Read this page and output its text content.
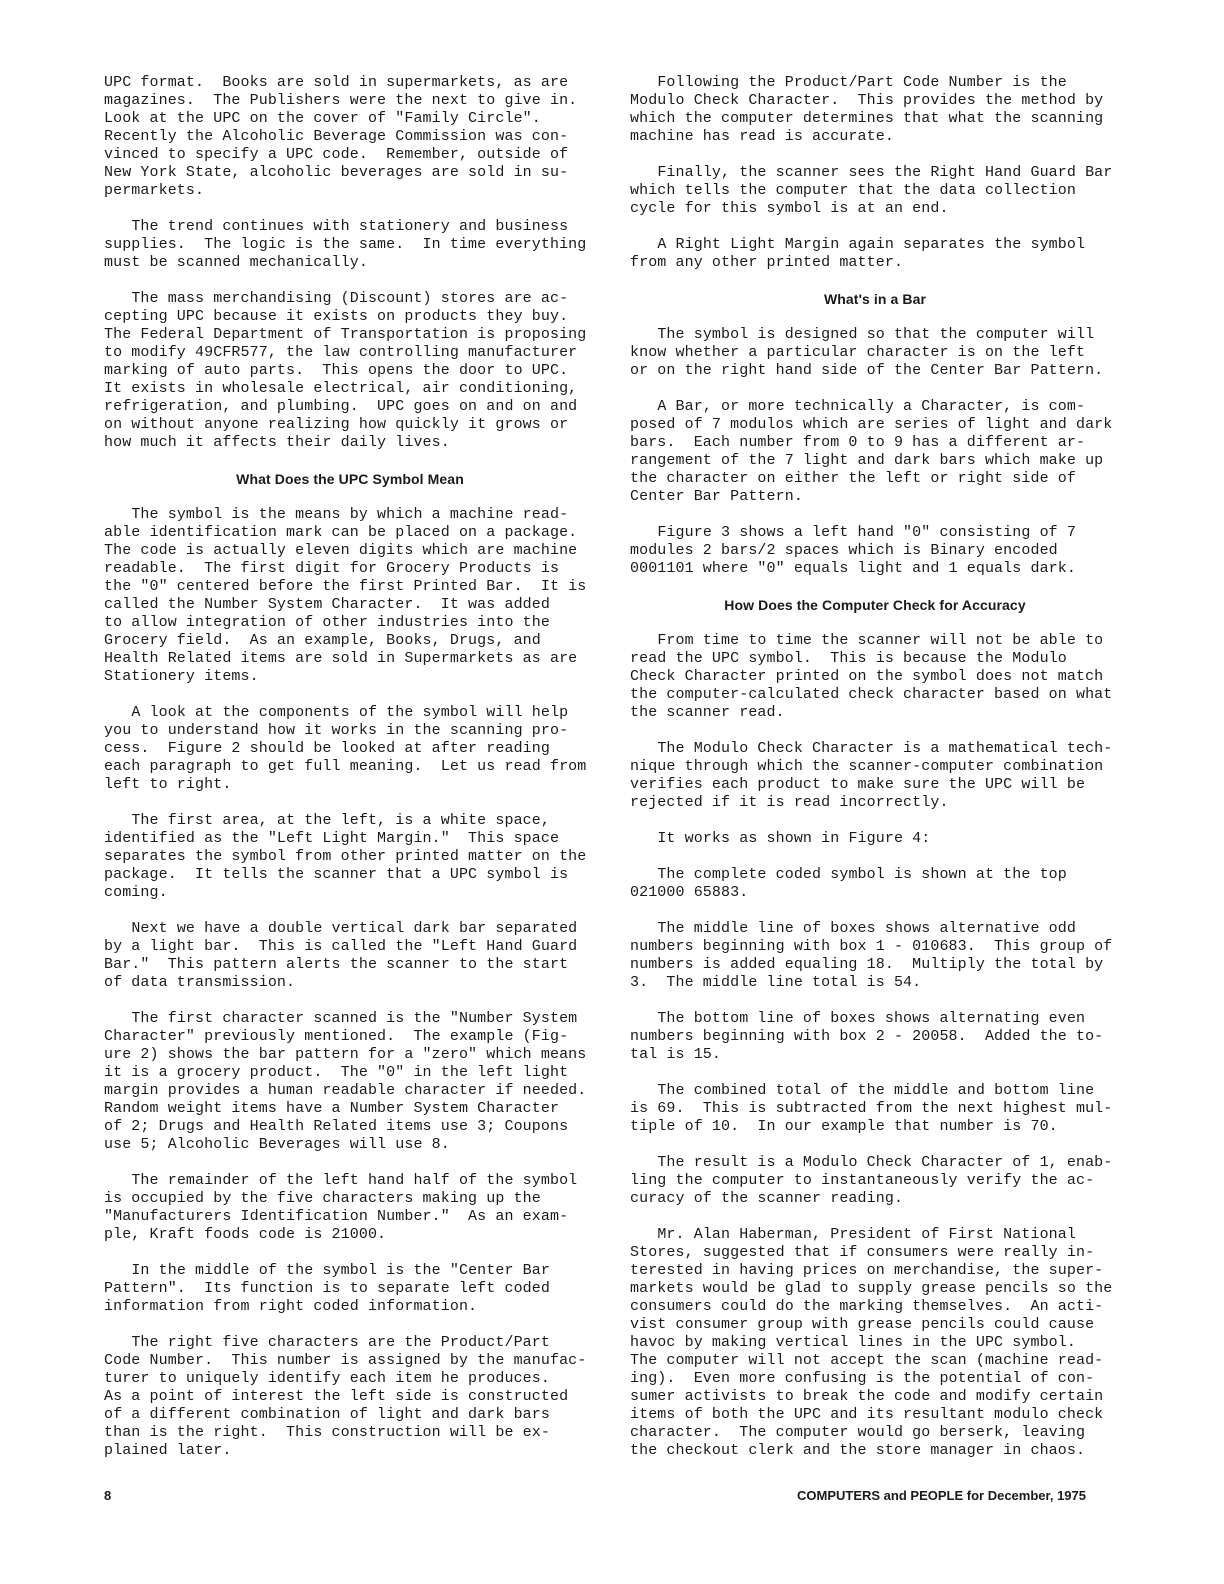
UPC format.  Books are sold in supermarkets, as are
magazines.  The Publishers were the next to give in.
Look at the UPC on the cover of "Family Circle".
Recently the Alcoholic Beverage Commission was con-
vinced to specify a UPC code.  Remember, outside of
New York State, alcoholic beverages are sold in su-
permarkets.
The trend continues with stationery and business
supplies.  The logic is the same.  In time everything
must be scanned mechanically.
The mass merchandising (Discount) stores are ac-
cepting UPC because it exists on products they buy.
The Federal Department of Transportation is proposing
to modify 49CFR577, the law controlling manufacturer
marking of auto parts.  This opens the door to UPC.
It exists in wholesale electrical, air conditioning,
refrigeration, and plumbing.  UPC goes on and on and
on without anyone realizing how quickly it grows or
how much it affects their daily lives.
What Does the UPC Symbol Mean
The symbol is the means by which a machine read-
able identification mark can be placed on a package.
The code is actually eleven digits which are machine
readable.  The first digit for Grocery Products is
the "0" centered before the first Printed Bar.  It is
called the Number System Character.  It was added
to allow integration of other industries into the
Grocery field.  As an example, Books, Drugs, and
Health Related items are sold in Supermarkets as are
Stationery items.
A look at the components of the symbol will help
you to understand how it works in the scanning pro-
cess.  Figure 2 should be looked at after reading
each paragraph to get full meaning.  Let us read from
left to right.
The first area, at the left, is a white space,
identified as the "Left Light Margin."  This space
separates the symbol from other printed matter on the
package.  It tells the scanner that a UPC symbol is
coming.
Next we have a double vertical dark bar separated
by a light bar.  This is called the "Left Hand Guard
Bar."  This pattern alerts the scanner to the start
of data transmission.
The first character scanned is the "Number System
Character" previously mentioned.  The example (Fig-
ure 2) shows the bar pattern for a "zero" which means
it is a grocery product.  The "0" in the left light
margin provides a human readable character if needed.
Random weight items have a Number System Character
of 2; Drugs and Health Related items use 3; Coupons
use 5; Alcoholic Beverages will use 8.
The remainder of the left hand half of the symbol
is occupied by the five characters making up the
"Manufacturers Identification Number."  As an exam-
ple, Kraft foods code is 21000.
In the middle of the symbol is the "Center Bar
Pattern".  Its function is to separate left coded
information from right coded information.
The right five characters are the Product/Part
Code Number.  This number is assigned by the manufac-
turer to uniquely identify each item he produces.
As a point of interest the left side is constructed
of a different combination of light and dark bars
than is the right.  This construction will be ex-
plained later.
Following the Product/Part Code Number is the
Modulo Check Character.  This provides the method by
which the computer determines that what the scanning
machine has read is accurate.
Finally, the scanner sees the Right Hand Guard Bar
which tells the computer that the data collection
cycle for this symbol is at an end.
A Right Light Margin again separates the symbol
from any other printed matter.
What's in a Bar
The symbol is designed so that the computer will
know whether a particular character is on the left
or on the right hand side of the Center Bar Pattern.
A Bar, or more technically a Character, is com-
posed of 7 modulos which are series of light and dark
bars.  Each number from 0 to 9 has a different ar-
rangement of the 7 light and dark bars which make up
the character on either the left or right side of
Center Bar Pattern.
Figure 3 shows a left hand "0" consisting of 7
modules 2 bars/2 spaces which is Binary encoded
0001101 where "0" equals light and 1 equals dark.
How Does the Computer Check for Accuracy
From time to time the scanner will not be able to
read the UPC symbol.  This is because the Modulo
Check Character printed on the symbol does not match
the computer-calculated check character based on what
the scanner read.
The Modulo Check Character is a mathematical tech-
nique through which the scanner-computer combination
verifies each product to make sure the UPC will be
rejected if it is read incorrectly.
It works as shown in Figure 4:
The complete coded symbol is shown at the top
021000 65883.
The middle line of boxes shows alternative odd
numbers beginning with box 1 - 010683.  This group of
numbers is added equaling 18.  Multiply the total by
3.  The middle line total is 54.
The bottom line of boxes shows alternating even
numbers beginning with box 2 - 20058.  Added the to-
tal is 15.
The combined total of the middle and bottom line
is 69.  This is subtracted from the next highest mul-
tiple of 10.  In our example that number is 70.
The result is a Modulo Check Character of 1, enab-
ling the computer to instantaneously verify the ac-
curacy of the scanner reading.
Mr. Alan Haberman, President of First National
Stores, suggested that if consumers were really in-
terested in having prices on merchandise, the super-
markets would be glad to supply grease pencils so the
consumers could do the marking themselves.  An acti-
vist consumer group with grease pencils could cause
havoc by making vertical lines in the UPC symbol.
The computer will not accept the scan (machine read-
ing).  Even more confusing is the potential of con-
sumer activists to break the code and modify certain
items of both the UPC and its resultant modulo check
character.  The computer would go berserk, leaving
the checkout clerk and the store manager in chaos.
8	COMPUTERS and PEOPLE for December, 1975
